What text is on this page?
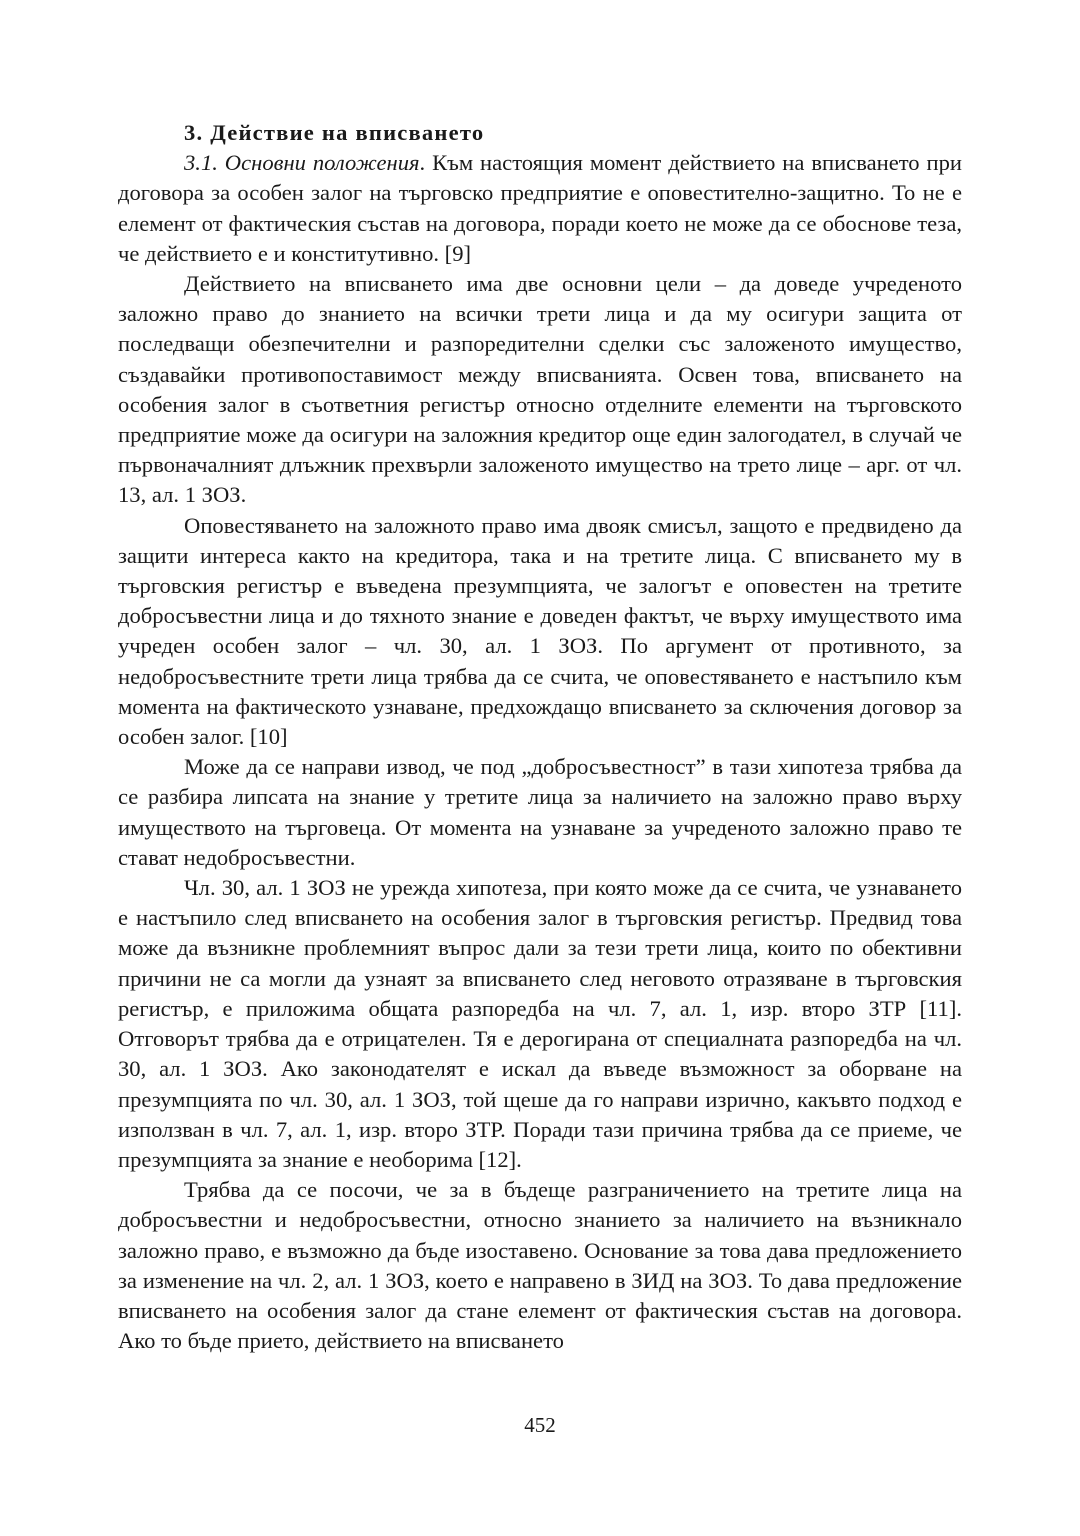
3. Действие на вписването

3.1. Основни положения. Към настоящия момент действието на вписването при договора за особен залог на търговско предприятие е оповестително-защитно. То не е елемент от фактическия състав на договора, поради което не може да се обоснове теза, че действието е и конститутивно. [9]

Действието на вписването има две основни цели – да доведе учреденото заложно право до знанието на всички трети лица и да му осигури защита от последващи обезпечителни и разпоредителни сделки със заложеното имущество, създавайки противопоставимост между вписванията. Освен това, вписването на особения залог в съответния регистър относно отделните елементи на търговското предприятие може да осигури на заложния кредитор още един залогодател, в случай че първоначалният длъжник прехвърли заложеното имущество на трето лице – арг. от чл. 13, ал. 1 ЗОЗ.

Оповестяването на заложното право има двояк смисъл, защото е предвидено да защити интереса както на кредитора, така и на третите лица. С вписването му в търговския регистър е въведена презумпцията, че залогът е оповестен на третите добросъвестни лица и до тяхното знание е доведен фактът, че върху имуществото има учреден особен залог – чл. 30, ал. 1 ЗОЗ. По аргумент от противното, за недобросъвестните трети лица трябва да се счита, че оповестяването е настъпило към момента на фактическото узнаване, предхождащо вписването за сключения договор за особен залог. [10]

Може да се направи извод, че под „добросъвестност” в тази хипотеза трябва да се разбира липсата на знание у третите лица за наличието на заложно право върху имуществото на търговеца. От момента на узнаване за учреденото заложно право те стават недобросъвестни.

Чл. 30, ал. 1 ЗОЗ не урежда хипотеза, при която може да се счита, че узнаването е настъпило след вписването на особения залог в търговския регистър. Предвид това може да възникне проблемният въпрос дали за тези трети лица, които по обективни причини не са могли да узнаят за вписването след неговото отразяване в търговския регистър, е приложима общата разпоредба на чл. 7, ал. 1, изр. второ ЗТР [11]. Отговорът трябва да е отрицателен. Тя е дерогирана от специалната разпоредба на чл. 30, ал. 1 ЗОЗ. Ако законодателят е искал да въведе възможност за оборване на презумпцията по чл. 30, ал. 1 ЗОЗ, той щеше да го направи изрично, какъвто подход е използван в чл. 7, ал. 1, изр. второ ЗТР. Поради тази причина трябва да се приеме, че презумпцията за знание е необорима [12].

Трябва да се посочи, че за в бъдеще разграничението на третите лица на добросъвестни и недобросъвестни, относно знанието за наличието на възникнало заложно право, е възможно да бъде изоставено. Основание за това дава предложението за изменение на чл. 2, ал. 1 ЗОЗ, което е направено в ЗИД на ЗОЗ. То дава предложение вписването на особения залог да стане елемент от фактическия състав на договора. Ако то бъде прието, действието на вписването

452
